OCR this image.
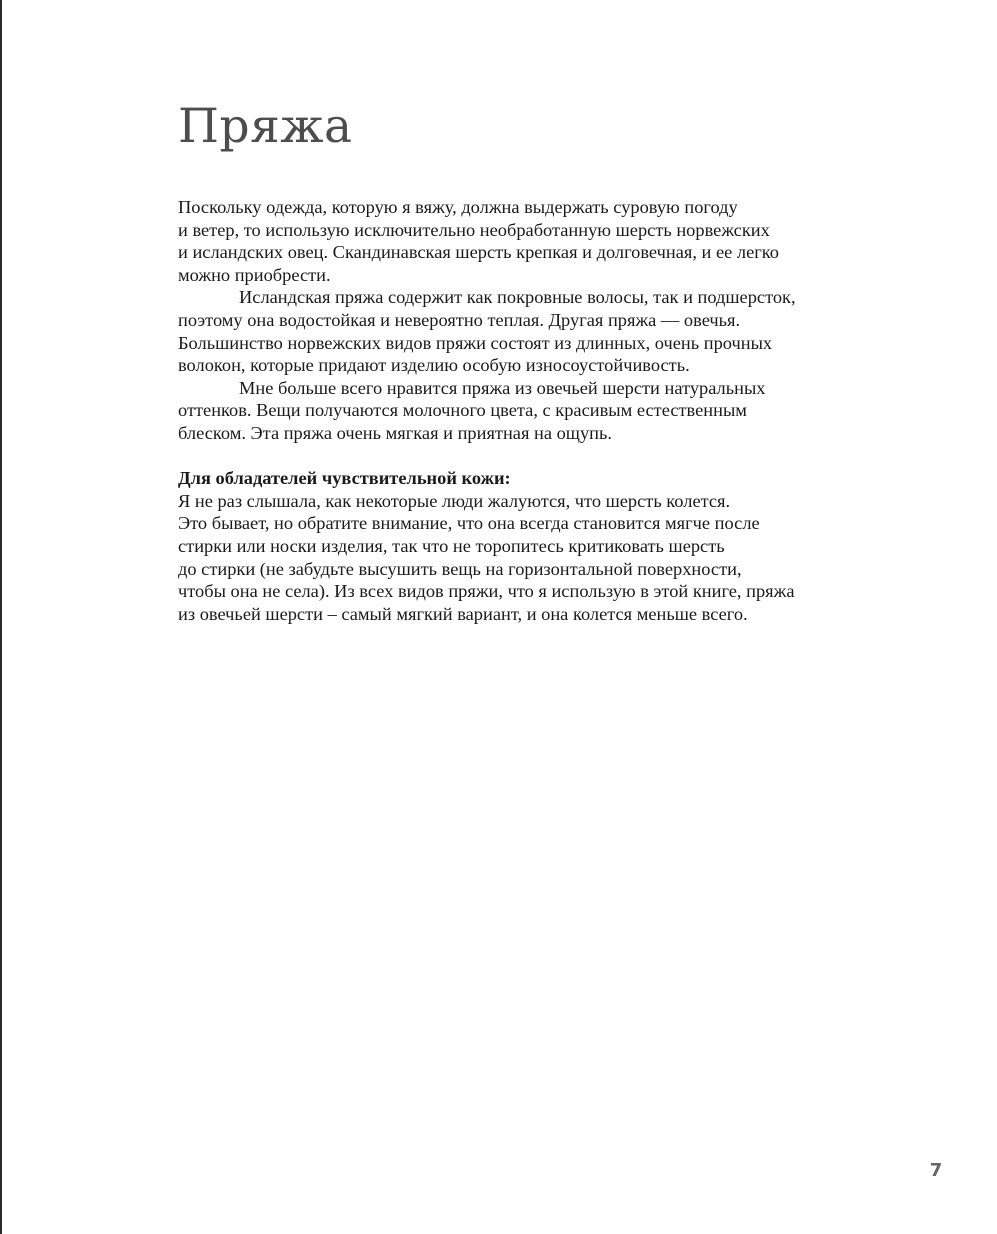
Пряжа

Поскольку одежда, которую я вяжу, должна выдержать суровую погоду
и ветер, то использую исключительно необработанную шерсть норвежских
и исландских овец. Скандинавская шерсть крепкая и долговечная, и ее легко
можно приобрести.

Исландская пряжа содержит как покровные волосы, так и подшерсток,
поэтому она водостойкая и невероятно теплая. Другая пряжа — овечья.
Большинство норвежских видов пряжи состоят из длинных, очень прочных
волокон, которые придают изделию особую износоустойчивость.

Мне больше всего нравится пряжа из овечьей шерсти натуральных
оттенков. Вещи получаются молочного цвета, с красивым естественным
блеском. Эта пряжа очень мягкая и приятная на ощупь.

Для обладателей чувствительной кожи:

Я не раз слышала, как некоторые люди жалуются, что шерсть колется.
Это бывает, но обратите внимание, что она всегда становится мягче после
стирки или носки изделия, так что не торопитесь критиковать шерсть
до стирки (не забудьте высушить вещь на горизонтальной поверхности,
чтобы она не села). Из всех видов пряжи, что я использую в этой книге, пряжа
из овечьей шерсти – самый мягкий вариант, и она колется меньше всего.

7
